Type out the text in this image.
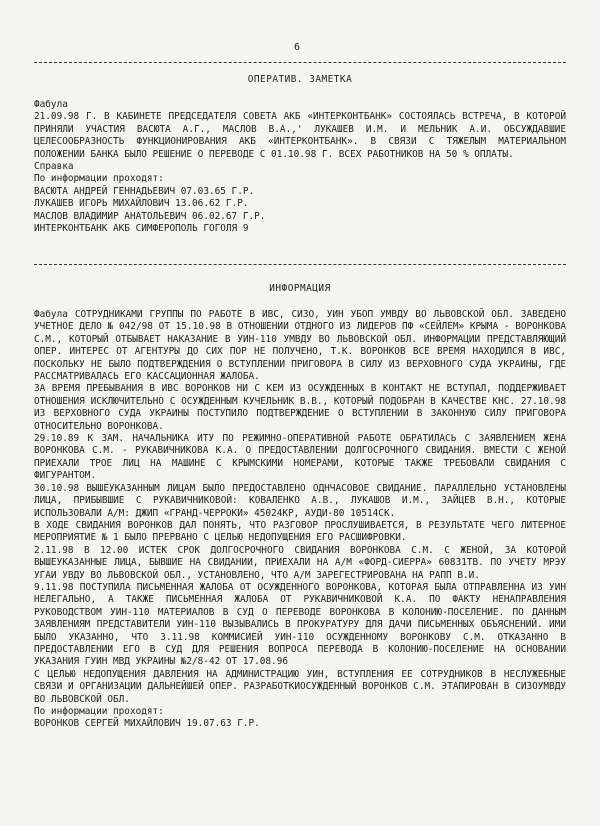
6
ОПЕРАТИВ. ЗАМЕТКА
Фабула
21.09.98 Г. В КАБИНЕТЕ ПРЕДСЕДАТЕЛЯ СОВЕТА АКБ «ИНТЕРКОНТБАНК» СОСТОЯЛАСЬ ВСТРЕЧА, В КОТОРОЙ ПРИНЯЛИ УЧАСТИЯ ВАСЮТА А.Г., МАСЛОВ В.А.,' ЛУКАШЕВ И.М. И МЕЛЬНИК А.И. ОБСУЖДАВШИЕ ЦЕЛЕСООБРАЗНОСТЬ ФУНКЦИОНИРОВАНИЯ АКБ «ИНТЕРКОНТБАНК». В СВЯЗИ С ТЯЖЕЛЫМ МАТЕРИАЛЬНОМ ПОЛОЖЕНИИ БАНКА БЫЛО РЕШЕНИЕ О ПЕРЕВОДЕ С 01.10.98 Г. ВСЕХ РАБОТНИКОВ НА 50 % ОПЛАТЫ.
Справка
По информации проходят:
ВАСЮТА АНДРЕЙ ГЕННАДЬЕВИЧ 07.03.65 Г.Р.
ЛУКАШЕВ ИГОРЬ МИХАЙЛОВИЧ 13.06.62 Г.Р.
МАСЛОВ ВЛАДИМИР АНАТОЛЬЕВИЧ 06.02.67 Г.Р.
ИНТЕРКОНТБАНК АКБ СИМФЕРОПОЛЬ ГОГОЛЯ 9
ИНФОРМАЦИЯ
Фабула СОТРУДНИКАМИ ГРУППЫ ПО РАБОТЕ В ИВС, СИЗО, УИН УБОП УМВДУ ВО ЛЬВОВСКОЙ ОБЛ. ЗАВЕДЕНО УЧЕТНОЕ ДЕЛО № 042/98 ОТ 15.10.98 В ОТНОШЕНИИ ОТДНОГО ИЗ ЛИДЕРОВ ПФ «СЕЙЛЕМ» КРЫМА - ВОРОНКОВА С.М., КОТОРЫЙ ОТБЫВАЕТ НАКАЗАНИЕ В УИН-110 УМВДУ ВО ЛЬВОВСКОЙ ОБЛ. ИНФОРМАЦИИ ПРЕДСТАВЛЯЮЩИЙ ОПЕР. ИНТЕРЕС ОТ АГЕНТУРЫ ДО СИХ ПОР НЕ ПОЛУЧЕНО, Т.К. ВОРОНКОВ ВСЕ ВРЕМЯ НАХОДИЛСЯ В ИВС, ПОСКОЛЬКУ НЕ БЫЛО ПОДТВЕРЖДЕНИЯ О ВСТУПЛЕНИИ ПРИГОВОРА В СИЛУ ИЗ ВЕРХОВНОГО СУДА УКРАИНЫ, ГДЕ РАССМАТРИВАЛАСЬ ЕГО КАССАЦИОННАЯ ЖАЛОБА.
ЗА ВРЕМЯ ПРЕБЫВАНИЯ В ИВС ВОРОНКОВ НИ С КЕМ ИЗ ОСУЖДЕННЫХ В КОНТАКТ НЕ ВСТУПАЛ, ПОДДЕРЖИВАЕТ ОТНОШЕНИЯ ИСКЛЮЧИТЕЛЬНО С ОСУЖДЕННЫМ КУЧЕЛЬНИК В.В., КОТОРЫЙ ПОДОБРАН В КАЧЕСТВЕ КНС. 27.10.98 ИЗ ВЕРХОВНОГО СУДА УКРАИНЫ ПОСТУПИЛО ПОДТВЕРЖДЕНИЕ О ВСТУПЛЕНИИ В ЗАКОННУЮ СИЛУ ПРИГОВОРА ОТНОСИТЕЛЬНО ВОРОНКОВА.
29.10.89 К ЗАМ. НАЧАЛЬНИКА ИТУ ПО РЕЖИМНО-ОПЕРАТИВНОЙ РАБОТЕ ОБРАТИЛАСЬ С ЗАЯВЛЕНИЕМ ЖЕНА ВОРОНКОВА С.М. - РУКАВИЧНИКОВА К.А. О ПРЕДОСТАВЛЕНИИ ДОЛГОСРОЧНОГО СВИДАНИЯ. ВМЕСТИ С ЖЕНОЙ ПРИЕХАЛИ ТРОЕ ЛИЦ НА МАШИНЕ С КРЫМСКИМИ НОМЕРАМИ, КОТОРЫЕ ТАКЖЕ ТРЕБОВАЛИ СВИДАНИЯ С ФИГУРАНТОМ.
30.10.98 ВЫШЕУКАЗАННЫМ ЛИЦАМ БЫЛО ПРЕДОСТАВЛЕНО ОДНЧАСОВОЕ СВИДАНИЕ. ПАРАЛЛЕЛЬНО УСТАНОВЛЕНЫ ЛИЦА, ПРИБЫВШИЕ С РУКАВИЧНИКОВОЙ: КОВАЛЕНКО А.В., ЛУКАШОВ И.М., ЗАЙЦЕВ В.Н., КОТОРЫЕ ИСПОЛЬЗОВАЛИ А/М: ДЖИП «ГРАНД-ЧЕРРОКИ» 45024КР, АУДИ-80 10514СК.
В ХОДЕ СВИДАНИЯ ВОРОНКОВ ДАЛ ПОНЯТЬ, ЧТО РАЗГОВОР ПРОСЛУШИВАЕТСЯ, В РЕЗУЛЬТАТЕ ЧЕГО ЛИТЕРНОЕ МЕРОПРИЯТИЕ № 1 БЫЛО ПРЕРВАНО С ЦЕЛЬЮ НЕДОПУЩЕНИЯ ЕГО РАСШИФРОВКИ.
2.11.98 В 12.00 ИСТЕК СРОК ДОЛГОСРОЧНОГО СВИДАНИЯ ВОРОНКОВА С.М. С ЖЕНОЙ, ЗА КОТОРОЙ ВЫШЕУКАЗАННЫЕ ЛИЦА, БЫВШИЕ НА СВИДАНИИ, ПРИЕХАЛИ НА А/М «ФОРД-СИЕРРА» 60831ТВ. ПО УЧЕТУ МРЭУ УГАИ УВДУ ВО ЛЬВОВСКОЙ ОБЛ., УСТАНОВЛЕНО, ЧТО А/М ЗАРЕГЕСТРИРОВАНА НА РАПП В.И.
9.11.98 ПОСТУПИЛА ПИСЬМЕННАЯ ЖАЛОБА ОТ ОСУЖДЕННОГО ВОРОНКОВА, КОТОРАЯ БЫЛА ОТПРАВЛЕННА ИЗ УИН НЕЛЕГАЛЬНО, А ТАКЖЕ ПИСЬМЕННАЯ ЖАЛОБА ОТ РУКАВИЧНИКОВОЙ К.А. ПО ФАКТУ НЕНАПРАВЛЕНИЯ РУКОВОДСТВОМ УИН-110 МАТЕРИАЛОВ В СУД О ПЕРЕВОДЕ ВОРОНКОВА В КОЛОНИЮ-ПОСЕЛЕНИЕ. ПО ДАННЫМ ЗАЯВЛЕНИЯМ ПРЕДСТАВИТЕЛИ УИН-110 ВЫЗЫВАЛИСЬ В ПРОКУРАТУРУ ДЛЯ ДАЧИ ПИСЬМЕННЫХ ОБЪЯСНЕНИЙ. ИМИ БЫЛО УКАЗАННО, ЧТО 3.11.98 КОММИСИЕЙ УИН-110 ОСУЖДЕННОМУ ВОРОНКОВУ С.М. ОТКАЗАННО В ПРЕДОСТАВЛЕНИИ ЕГО В СУД ДЛЯ РЕШЕНИЯ ВОПРОСА ПЕРЕВОДА В КОЛОНИЮ-ПОСЕЛЕНИЕ НА ОСНОВАНИИ УКАЗАНИЯ ГУИН МВД УКРАИНЫ №2/8-42 ОТ 17.08.96
С ЦЕЛЬЮ НЕДОПУЩЕНИЯ ДАВЛЕНИЯ НА АДМИНИСТРАЦИЮ УИН, ВСТУПЛЕНИЯ ЕЕ СОТРУДНИКОВ В НЕСЛУЖЕБНЫЕ СВЯЗИ И ОРГАНИЗАЦИИ ДАЛЬНЕЙШЕЙ ОПЕР. РАЗРАБОТКИОСУЖДЕННЫЙ ВОРОНКОВ С.М. ЭТАПИРОВАН В СИЗОУМВДУ ВО ЛЬВОВСКОЙ ОБЛ.
По информации проходят:
ВОРОНКОВ СЕРГЕЙ МИХАЙЛОВИЧ 19.07.63 Г.Р.
